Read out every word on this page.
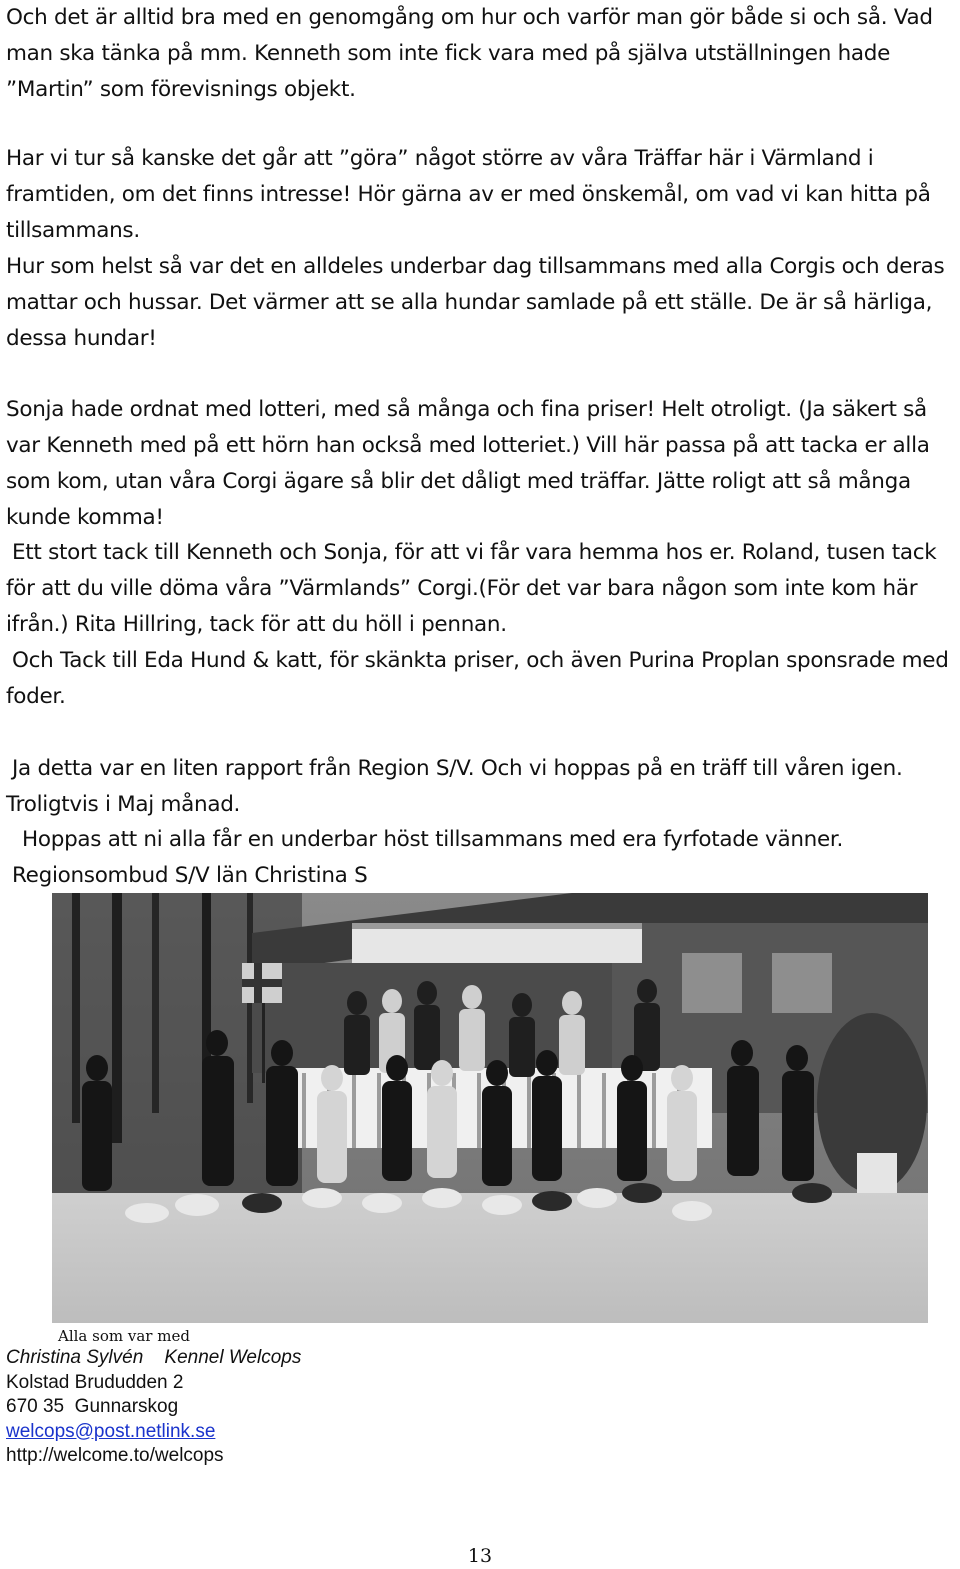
Och det är alltid bra med en genomgång om hur och varför man gör både si och så. Vad man ska tänka på mm. Kenneth som inte fick vara med på själva utställningen hade ”Martin” som förevisnings objekt.

Har vi tur så kanske det går att ”göra” något större av våra Träffar här i Värmland i framtiden, om det finns intresse! Hör gärna av er med önskemål, om vad vi kan hitta på tillsammans.

Hur som helst så var det en alldeles underbar dag tillsammans med alla Corgis och deras mattar och hussar. Det värmer att se alla hundar samlade på ett ställe. De är så härliga, dessa hundar!

Sonja hade ordnat med lotteri, med så många och fina priser! Helt otroligt. (Ja säkert så var Kenneth med på ett hörn han också med lotteriet.) Vill här passa på att tacka er alla som kom, utan våra Corgi ägare så blir det dåligt med träffar. Jätte roligt att så många kunde komma!

Ett stort tack till Kenneth och Sonja, för att vi får vara hemma hos er. Roland, tusen tack för att du ville döma våra ”Värmlands” Corgi.(För det var bara någon som inte kom här ifrån.) Rita Hillring, tack för att du höll i pennan.

Och Tack till Eda Hund & katt, för skänkta priser, och även Purina Proplan sponsrade med foder.

Ja detta var en liten rapport från Region S/V. Och vi hoppas på en träff till våren igen. Troligtvis i Maj månad.

Hoppas att ni alla får en underbar höst tillsammans med era fyrfotade vänner.

Regionsombud S/V län Christina S

Alla som var med
Christina Sylvén Kennel Welcops
Kolstad Brududden 2
670 35  Gunnarskog
welcops@post.netlink.se
http://welcome.to/welcops
13
